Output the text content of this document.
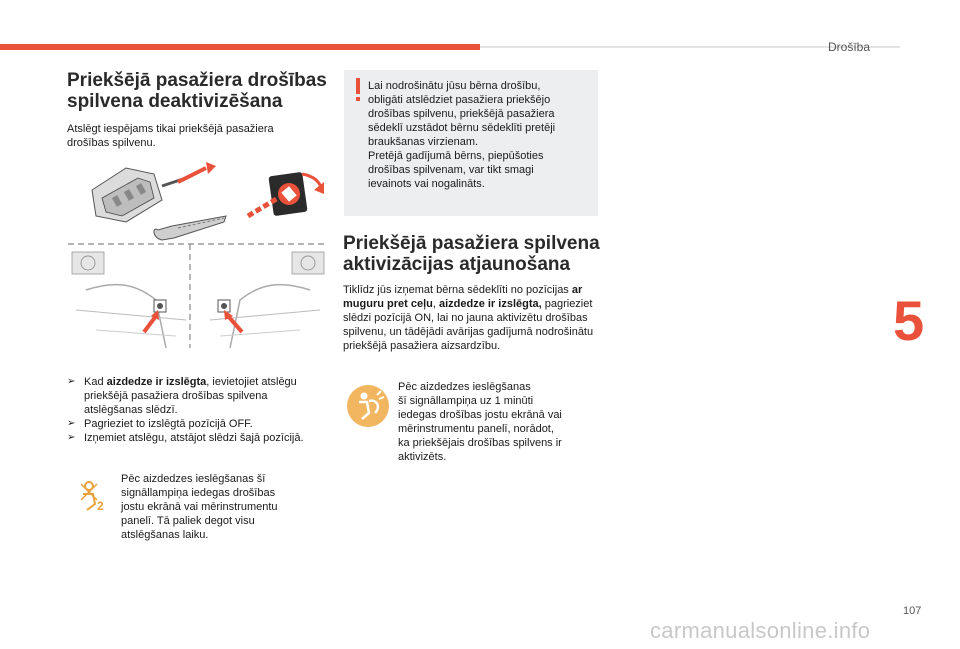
Drošība
5
107
carmanualsonline.info
Priekšējā pasažiera drošības
spilvena deaktivizēšana
Atslēgt iespējams tikai priekšējā pasažiera
drošības spilvenu.
➢ Kad aizdedze ir izslēgta, ievietojiet atslēgu priekšējā pasažiera drošības spilvena atslēgšanas slēdzī.
➢ Pagrieziet to izslēgtā pozīcijā OFF.
➢ Izņemiet atslēgu, atstājot slēdzi šajā pozīcijā.
2
Pēc aizdedzes ieslēgšanas šī
signāllampiņa iedegas drošības
jostu ekrānā vai mērinstrumentu
panelī. Tā paliek degot visu
atslēgšanas laiku.
Lai nodrošinātu jūsu bērna drošību,
obligāti atslēdziet pasažiera priekšējo
drošības spilvenu, priekšējā pasažiera
sēdeklī uzstādot bērnu sēdeklīti pretēji
braukšanas virzienam.
Pretējā gadījumā bērns, piepūšoties
drošības spilvenam, var tikt smagi
ievainots vai nogalināts.
Priekšējā pasažiera spilvena
aktivizācijas atjaunošana
Tiklīdz jūs izņemat bērna sēdeklīti no pozīcijas ar muguru pret ceļu, aizdedze ir izslēgta, pagrieziet slēdzi pozīcijā ON, lai no jauna aktivizētu drošības spilvenu, un tādējādi avārijas gadījumā nodrošinātu priekšējā pasažiera aizsardzību.
Pēc aizdedzes ieslēgšanas
šī signāllampiņa uz 1 minūti
iedegas drošības jostu ekrānā vai
mērinstrumentu panelī, norādot,
ka priekšējais drošības spilvens ir
aktivizēts.
